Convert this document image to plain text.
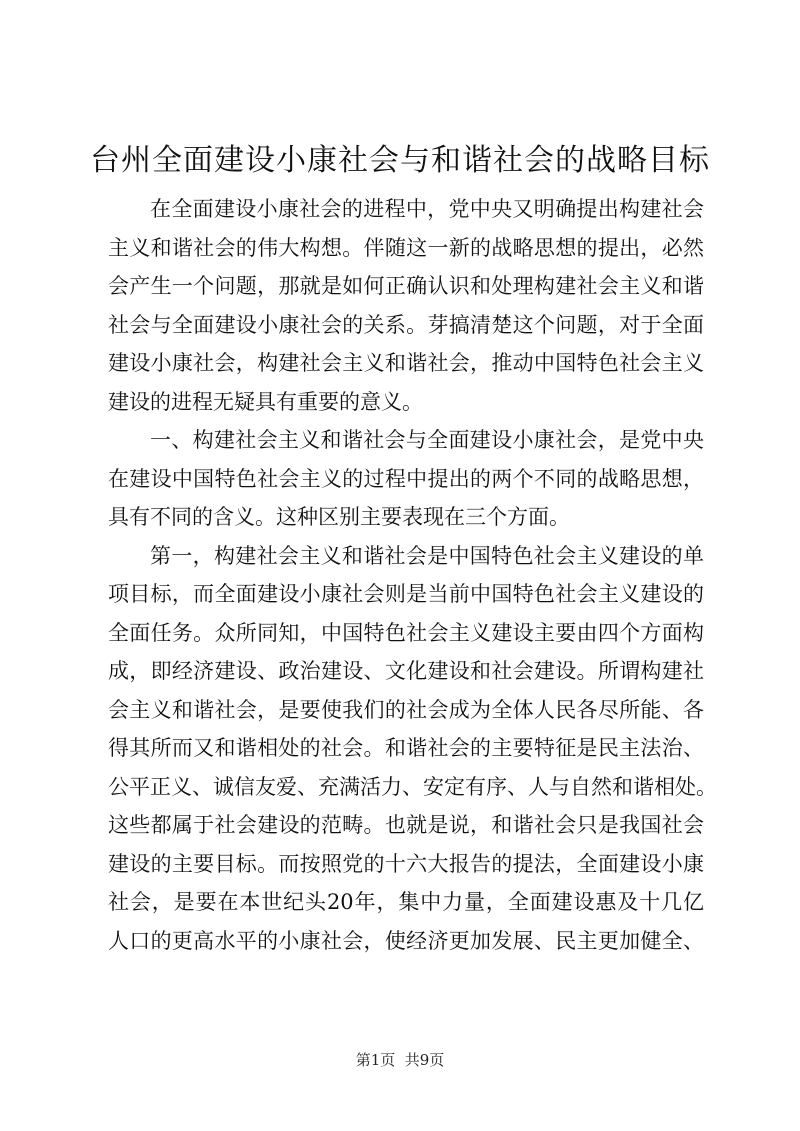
台州全面建设小康社会与和谐社会的战略目标
在全面建设小康社会的进程中，党中央又明确提出构建社会
主义和谐社会的伟大构想。伴随这一新的战略思想的提出，必然
会产生一个问题，那就是如何正确认识和处理构建社会主义和谐
社会与全面建设小康社会的关系。芽搞清楚这个问题，对于全面
建设小康社会，构建社会主义和谐社会，推动中国特色社会主义
建设的进程无疑具有重要的意义。
一、构建社会主义和谐社会与全面建设小康社会，是党中央
在建设中国特色社会主义的过程中提出的两个不同的战略思想，
具有不同的含义。这种区别主要表现在三个方面。
第一，构建社会主义和谐社会是中国特色社会主义建设的单
项目标，而全面建设小康社会则是当前中国特色社会主义建设的
全面任务。众所同知，中国特色社会主义建设主要由四个方面构
成，即经济建设、政治建设、文化建设和社会建设。所谓构建社
会主义和谐社会，是要使我们的社会成为全体人民各尽所能、各
得其所而又和谐相处的社会。和谐社会的主要特征是民主法治、
公平正义、诚信友爱、充满活力、安定有序、人与自然和谐相处。
这些都属于社会建设的范畴。也就是说，和谐社会只是我国社会
建设的主要目标。而按照党的十六大报告的提法，全面建设小康
社会，是要在本世纪头20年，集中力量，全面建设惠及十几亿
人口的更高水平的小康社会，使经济更加发展、民主更加健全、
第1页  共9页
